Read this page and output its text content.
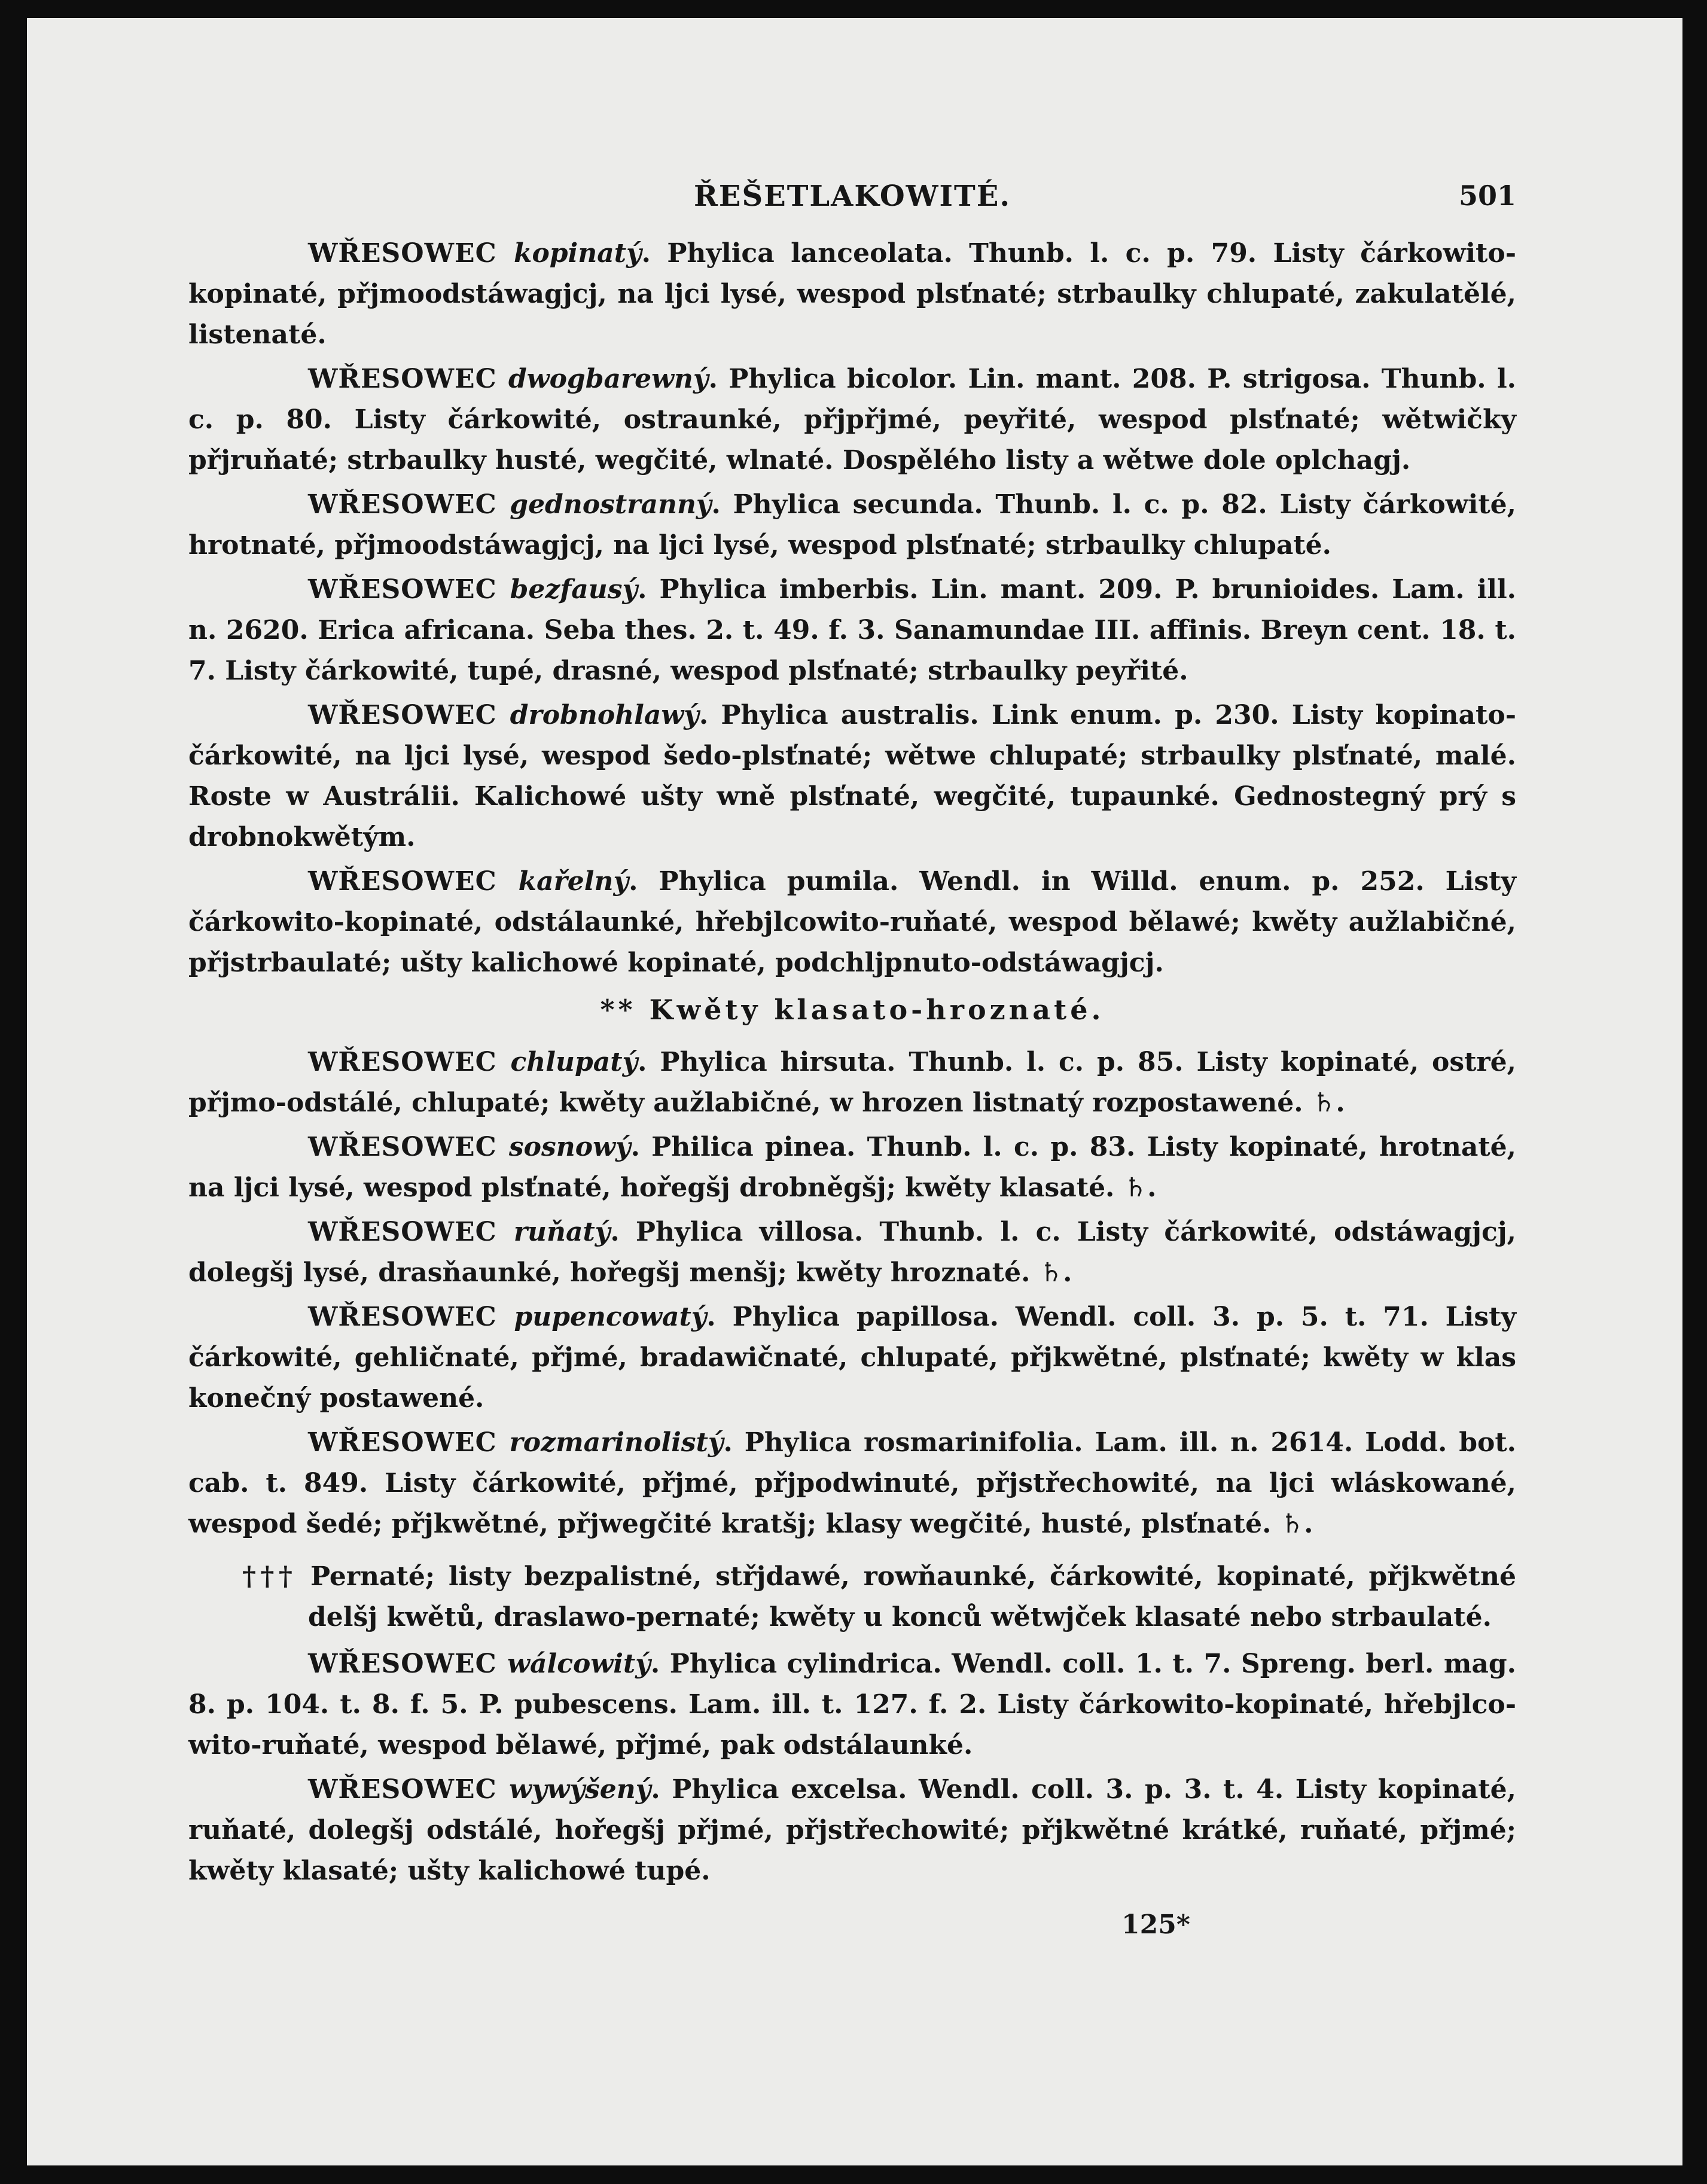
ŘEŠETLAKOWITÉ.	501

WŘESOWEC kopinatý. Phylica lanceolata. Thunb. l. c. p. 79. Listy čárkowito-kopinaté, přjmoodstáwagjcj, na ljci lysé, wespod plsťnaté; strbaulky chlupaté, zakulatělé, listenaté.

WŘESOWEC dwogbarewný. Phylica bicolor. Lin. mant. 208. P. strigosa. Thunb. l. c. p. 80. Listy čárkowité, ostraunké, přjpřjmé, peyřité, wespod plsťnaté; wětwičky přjruňaté; strbaulky husté, wegčité, wlnaté. Dospělého listy a wětwe dole oplchagj.

WŘESOWEC gednostranný. Phylica secunda. Thunb. l. c. p. 82. Listy čárkowité, hrotnaté, přjmoodstáwagjcj, na ljci lysé, wespod plsťnaté; strbaulky chlupaté.

WŘESOWEC bezfausý. Phylica imberbis. Lin. mant. 209. P. brunioides. Lam. ill. n. 2620. Erica africana. Seba thes. 2. t. 49. f. 3. Sanamundae III. affinis. Breyn cent. 18. t. 7. Listy čárkowité, tupé, drasné, wespod plsťnaté; strbaulky peyřité.

WŘESOWEC drobnohlawý. Phylica australis. Link enum. p. 230. Listy kopinato-čárkowité, na ljci lysé, wespod šedo-plsťnaté; wětwe chlupaté; strbaulky plsťnaté, malé. Roste w Austrálii. Kalichowé ušty wně plsťnaté, wegčité, tupaunké. Gednostegný prý s drobnokwětým.

WŘESOWEC kařelný. Phylica pumila. Wendl. in Willd. enum. p. 252. Listy čárkowito-kopinaté, odstálaunké, hřebjlcowito-ruňaté, wespod bělawé; kwěty aužlabičné, přjstrbaulaté; ušty kalichowé kopinaté, podchljpnuto-odstáwagjcj.

** Kwěty klasato-hroznaté.

WŘESOWEC chlupatý. Phylica hirsuta. Thunb. l. c. p. 85. Listy kopinaté, ostré, přjmo-odstálé, chlupaté; kwěty aužlabičné, w hrozen listnatý rozpostawené. ♄.

WŘESOWEC sosnowý. Philica pinea. Thunb. l. c. p. 83. Listy kopinaté, hrotnaté, na ljci lysé, wespod plsťnaté, hořegšj drobněgšj; kwěty klasaté. ♄.

WŘESOWEC ruňatý. Phylica villosa. Thunb. l. c. Listy čárkowité, odstáwagjcj, dolegšj lysé, drasňaunké, hořegšj menšj; kwěty hroznaté. ♄.

WŘESOWEC pupencowatý. Phylica papillosa. Wendl. coll. 3. p. 5. t. 71. Listy čárkowité, gehličnaté, přjmé, bradawičnaté, chlupaté, přjkwětné, plsťnaté; kwěty w klas konečný postawené.

WŘESOWEC rozmarinolistý. Phylica rosmarinifolia. Lam. ill. n. 2614. Lodd. bot. cab. t. 849. Listy čárkowité, přjmé, přjpodwinuté, přjstřechowité, na ljci wláskowané, wespod šedé; přjkwětné, přjwegčité kratšj; klasy wegčité, husté, plsťnaté. ♄.

††† Pernaté; listy bezpalistné, střjdawé, rowňaunké, čárkowité, kopinaté, přjkwětné delšj kwětů, draslawo-pernaté; kwěty u konců wětwjček klasaté nebo strbaulaté.

WŘESOWEC wálcowitý. Phylica cylindrica. Wendl. coll. 1. t. 7. Spreng. berl. mag. 8. p. 104. t. 8. f. 5. P. pubescens. Lam. ill. t. 127. f. 2. Listy čárkowito-kopinaté, hřebjlco-wito-ruňaté, wespod bělawé, přjmé, pak odstálaunké.

WŘESOWEC wywýšený. Phylica excelsa. Wendl. coll. 3. p. 3. t. 4. Listy kopinaté, ruňaté, dolegšj odstálé, hořegšj přjmé, přjstřechowité; přjkwětné krátké, ruňaté, přjmé; kwěty klasaté; ušty kalichowé tupé.

125*
